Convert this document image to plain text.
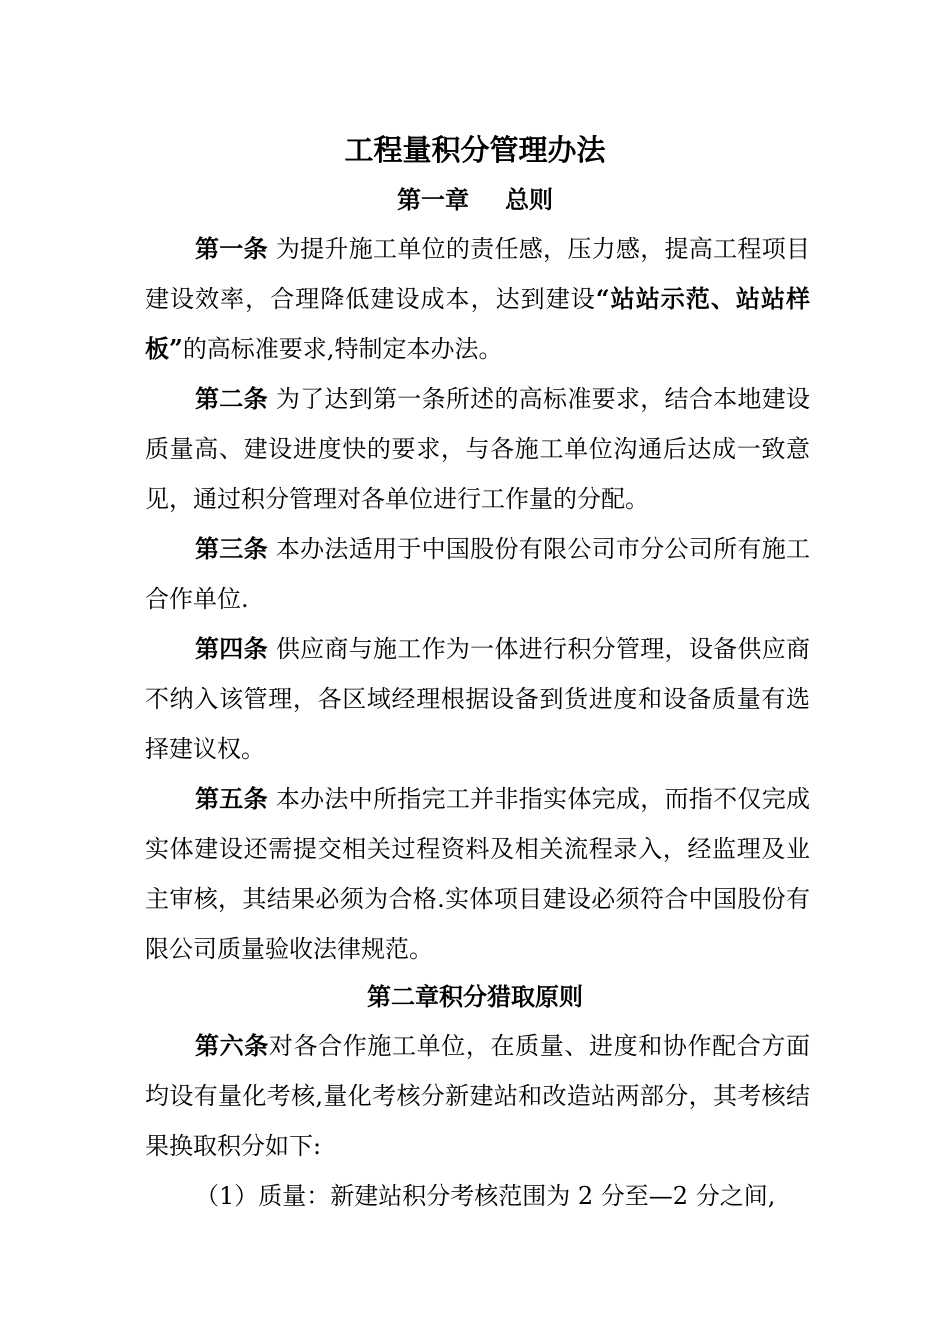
工程量积分管理办法
第一章 总则

第一条 为提升施工单位的责任感，压力感，提高工程项目建设效率，合理降低建设成本，达到建设“站站示范、站站样板”的高标准要求,特制定本办法。

第二条 为了达到第一条所述的高标准要求，结合本地建设质量高、建设进度快的要求，与各施工单位沟通后达成一致意见，通过积分管理对各单位进行工作量的分配。

第三条 本办法适用于中国股份有限公司市分公司所有施工合作单位.

第四条 供应商与施工作为一体进行积分管理，设备供应商不纳入该管理，各区域经理根据设备到货进度和设备质量有选择建议权。

第五条 本办法中所指完工并非指实体完成，而指不仅完成实体建设还需提交相关过程资料及相关流程录入，经监理及业主审核，其结果必须为合格.实体项目建设必须符合中国股份有限公司质量验收法律规范。

第二章积分猎取原则

第六条对各合作施工单位，在质量、进度和协作配合方面均设有量化考核,量化考核分新建站和改造站两部分，其考核结果换取积分如下:

（1）质量：新建站积分考核范围为 2 分至—2 分之间,
